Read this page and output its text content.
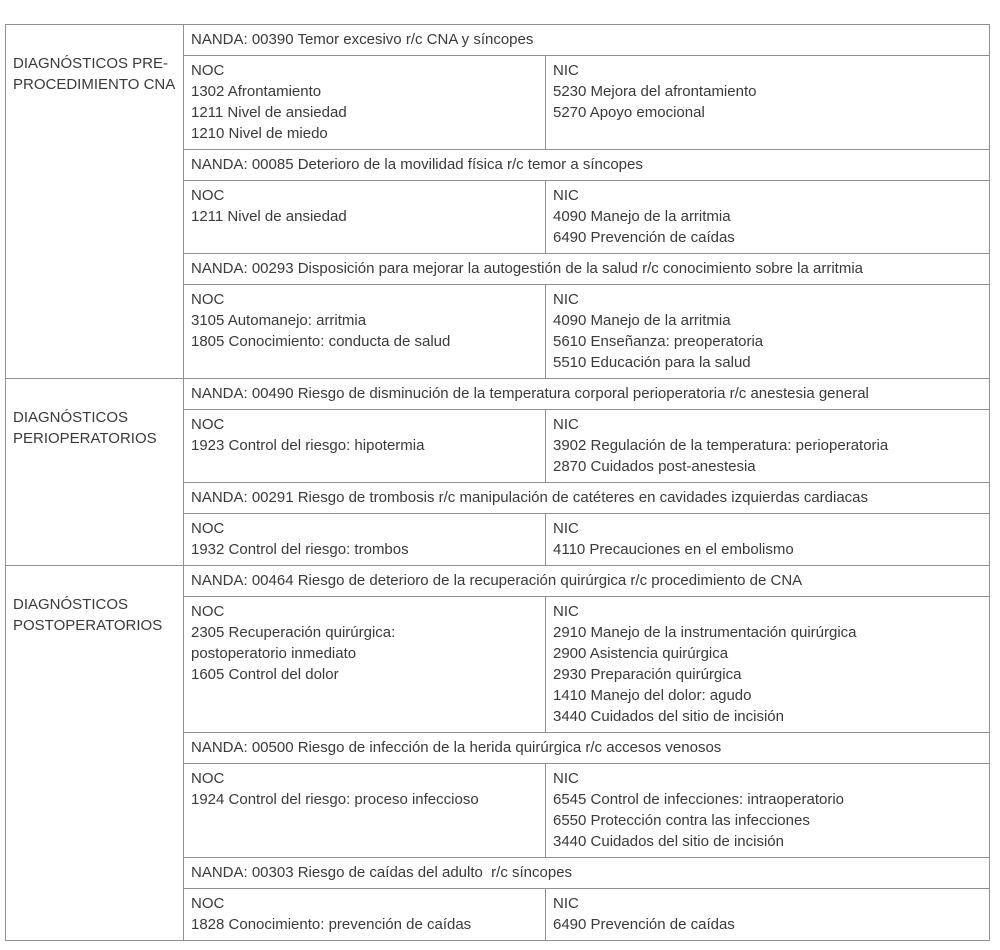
DIAGNÓSTICOS PRE-PROCEDIMIENTO CNA
NANDA: 00390 Temor excesivo r/c CNA y síncopes
NOC
1302 Afrontamiento
1211 Nivel de ansiedad
1210 Nivel de miedo
NIC
5230 Mejora del afrontamiento
5270 Apoyo emocional
NANDA: 00085 Deterioro de la movilidad física r/c temor a síncopes
NOC
1211 Nivel de ansiedad
NIC
4090 Manejo de la arritmia
6490 Prevención de caídas
NANDA: 00293 Disposición para mejorar la autogestión de la salud r/c conocimiento sobre la arritmia
NOC
3105 Automanejo: arritmia
1805 Conocimiento: conducta de salud
NIC
4090 Manejo de la arritmia
5610 Enseñanza: preoperatoria
5510 Educación para la salud
DIAGNÓSTICOS PERIOPERATORIOS
NANDA: 00490 Riesgo de disminución de la temperatura corporal perioperatoria r/c anestesia general
NOC
1923 Control del riesgo: hipotermia
NIC
3902 Regulación de la temperatura: perioperatoria
2870 Cuidados post-anestesia
NANDA: 00291 Riesgo de trombosis r/c manipulación de catéteres en cavidades izquierdas cardiacas
NOC
1932 Control del riesgo: trombos
NIC
4110 Precauciones en el embolismo
DIAGNÓSTICOS POSTOPERATORIOS
NANDA: 00464 Riesgo de deterioro de la recuperación quirúrgica r/c procedimiento de CNA
NOC
2305 Recuperación quirúrgica:
postoperatorio inmediato
1605 Control del dolor
NIC
2910 Manejo de la instrumentación quirúrgica
2900 Asistencia quirúrgica
2930 Preparación quirúrgica
1410 Manejo del dolor: agudo
3440 Cuidados del sitio de incisión
NANDA: 00500 Riesgo de infección de la herida quirúrgica r/c accesos venosos
NOC
1924 Control del riesgo: proceso infeccioso
NIC
6545 Control de infecciones: intraoperatorio
6550 Protección contra las infecciones
3440 Cuidados del sitio de incisión
NANDA: 00303 Riesgo de caídas del adulto  r/c síncopes
NOC
1828 Conocimiento: prevención de caídas
NIC
6490 Prevención de caídas
